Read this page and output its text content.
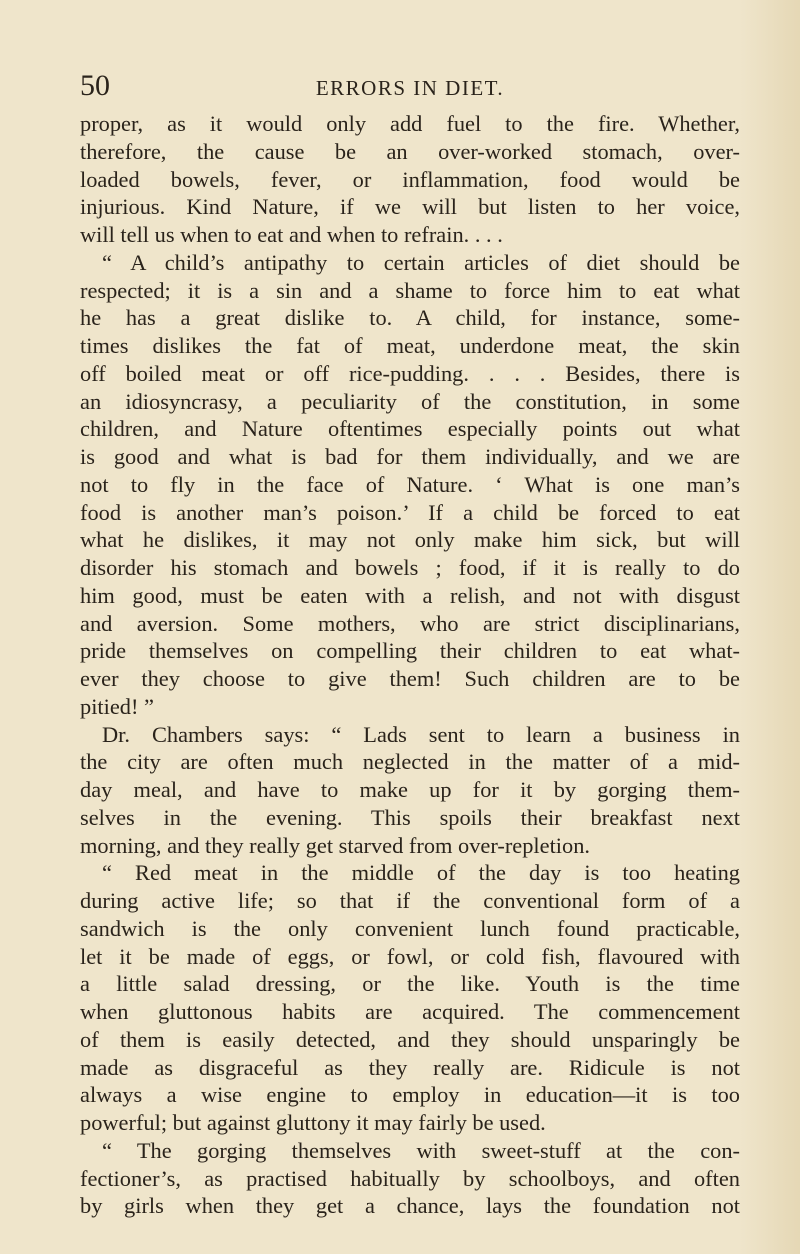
50	ERRORS IN DIET.
proper, as it would only add fuel to the fire. Whether,
therefore, the cause be an over-worked stomach, over-
loaded bowels, fever, or inflammation, food would be
injurious. Kind Nature, if we will but listen to her voice,
will tell us when to eat and when to refrain. . . .
“ A child’s antipathy to certain articles of diet should be
respected; it is a sin and a shame to force him to eat what
he has a great dislike to. A child, for instance, some-
times dislikes the fat of meat, underdone meat, the skin
off boiled meat or off rice-pudding. . . . Besides, there is
an idiosyncrasy, a peculiarity of the constitution, in some
children, and Nature oftentimes especially points out what
is good and what is bad for them individually, and we are
not to fly in the face of Nature. ‘ What is one man’s
food is another man’s poison.’ If a child be forced to eat
what he dislikes, it may not only make him sick, but will
disorder his stomach and bowels ; food, if it is really to do
him good, must be eaten with a relish, and not with disgust
and aversion. Some mothers, who are strict disciplinarians,
pride themselves on compelling their children to eat what-
ever they choose to give them! Such children are to be
pitied! ”
Dr. Chambers says: “ Lads sent to learn a business in
the city are often much neglected in the matter of a mid-
day meal, and have to make up for it by gorging them-
selves in the evening. This spoils their breakfast next
morning, and they really get starved from over-repletion.
“ Red meat in the middle of the day is too heating
during active life; so that if the conventional form of a
sandwich is the only convenient lunch found practicable,
let it be made of eggs, or fowl, or cold fish, flavoured with
a little salad dressing, or the like. Youth is the time
when gluttonous habits are acquired. The commencement
of them is easily detected, and they should unsparingly be
made as disgraceful as they really are. Ridicule is not
always a wise engine to employ in education—it is too
powerful; but against gluttony it may fairly be used.
“ The gorging themselves with sweet-stuff at the con-
fectioner’s, as practised habitually by schoolboys, and often
by girls when they get a chance, lays the foundation not
